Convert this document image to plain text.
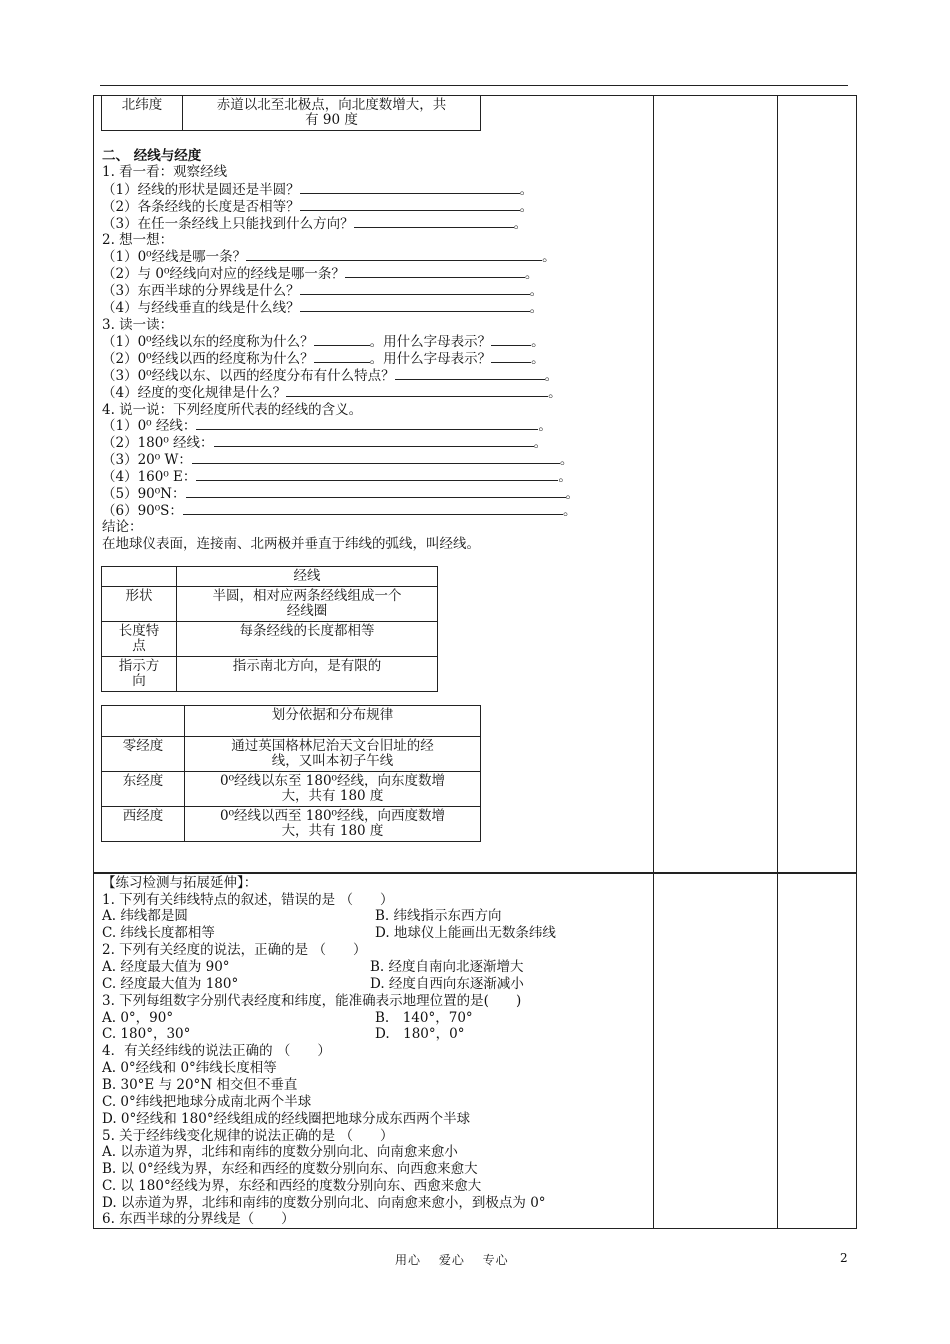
北纬度	赤道以北至北极点，向北度数增大，共
有 90 度
二、 经线与经度
1. 看一看：观察经线
（1）经线的形状是圆还是半圆？	。
（2）各条经线的长度是否相等？	。
（3）在任一条经线上只能找到什么方向？	。
2. 想一想：
（1）0⁰经线是哪一条？	。
（2）与 0⁰经线向对应的经线是哪一条？	。
（3）东西半球的分界线是什么？	。
（4）与经线垂直的线是什么线？	。
3. 读一读：
（1）0⁰经线以东的经度称为什么？	。用什么字母表示？	。
（2）0⁰经线以西的经度称为什么？	。用什么字母表示？	。
（3）0⁰经线以东、以西的经度分布有什么特点？	。
（4）经度的变化规律是什么？	。
4. 说一说：下列经度所代表的经线的含义。
（1）0⁰ 经线：	。
（2）180⁰ 经线：	。
（3）20⁰ W：	。
（4）160⁰ E：	。
（5）90⁰N：	。
（6）90⁰S：	。
结论：
在地球仪表面，连接南、北两极并垂直于纬线的弧线，叫经线。
	经线
形状	半圆，相对应两条经线组成一个
经线圈

长度特
点	每条经线的长度都相等

指示方
向	指示南北方向，是有限的
	划分依据和分布规律
零经度	通过英国格林尼治天文台旧址的经
线，又叫本初子午线

东经度	0⁰经线以东至 180⁰经线，向东度数增
大，共有 180 度

西经度	0⁰经线以西至 180⁰经线，向西度数增
大，共有 180 度
【练习检测与拓展延伸】：
1. 下列有关纬线特点的叙述，错误的是 （　　）
A. 纬线都是圆	B. 纬线指示东西方向
C. 纬线长度都相等	D. 地球仪上能画出无数条纬线
2. 下列有关经度的说法，正确的是 （　　）
A. 经度最大值为 90°	B. 经度自南向北逐渐增大
C. 经度最大值为 180°	D. 经度自西向东逐渐减小
3. 下列每组数字分别代表经度和纬度，能准确表示地理位置的是(　　)
A. 0°，90°	B.　140°，70°
C. 180°，30°	D.　180°，0°
4．有关经纬线的说法正确的 （　　）
A. 0°经线和 0°纬线长度相等
B. 30°E 与 20°N 相交但不垂直
C. 0°纬线把地球分成南北两个半球
D. 0°经线和 180°经线组成的经线圈把地球分成东西两个半球
5. 关于经纬线变化规律的说法正确的是 （　　）
A. 以赤道为界，北纬和南纬的度数分别向北、向南愈来愈小
B. 以 0°经线为界，东经和西经的度数分别向东、向西愈来愈大
C. 以 180°经线为界，东经和西经的度数分别向东、西愈来愈大
D. 以赤道为界，北纬和南纬的度数分别向北、向南愈来愈小，到极点为 0°
6. 东西半球的分界线是（　　）
用心　 爱心 　专心	2
